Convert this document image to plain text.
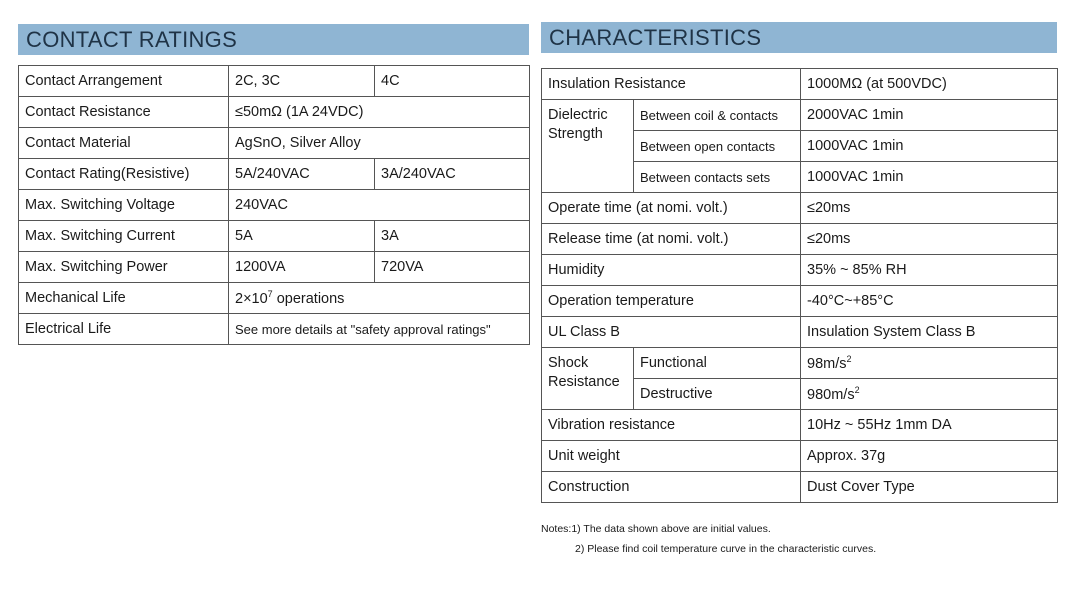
CONTACT RATINGS
Contact Arrangement	2C, 3C	4C
Contact Resistance	≤50mΩ (1A 24VDC)	
Contact Material	AgSnO, Silver Alloy	
Contact Rating(Resistive)	5A/240VAC	3A/240VAC
Max. Switching Voltage	240VAC	
Max. Switching Current	5A	3A
Max. Switching Power	1200VA	720VA
Mechanical Life	$2\times 10^7$ operations	
Electrical Life	See more details at "safety approval ratings"	
CHARACTERISTICS
Insulation Resistance		1000MΩ (at 500VDC)
Dielectric Strength	Between coil & contacts	2000VAC 1min
	Between open contacts	1000VAC 1min
	Between contacts sets	1000VAC 1min
Operate time (at nomi. volt.)		≤20ms
Release time (at nomi. volt.)		≤20ms
Humidity		35% ~ 85% RH
Operation temperature		-40°C~+85°C
UL Class B		Insulation System Class B
Shock Resistance	Functional	$98m/s^2$
	Destructive	$980m/s^2$
Vibration resistance		10Hz ~ 55Hz 1mm DA
Unit weight		Approx. 37g
Construction		Dust Cover Type
Notes:1) The data shown above are initial values.
2) Please find coil temperature curve in the characteristic curves.
